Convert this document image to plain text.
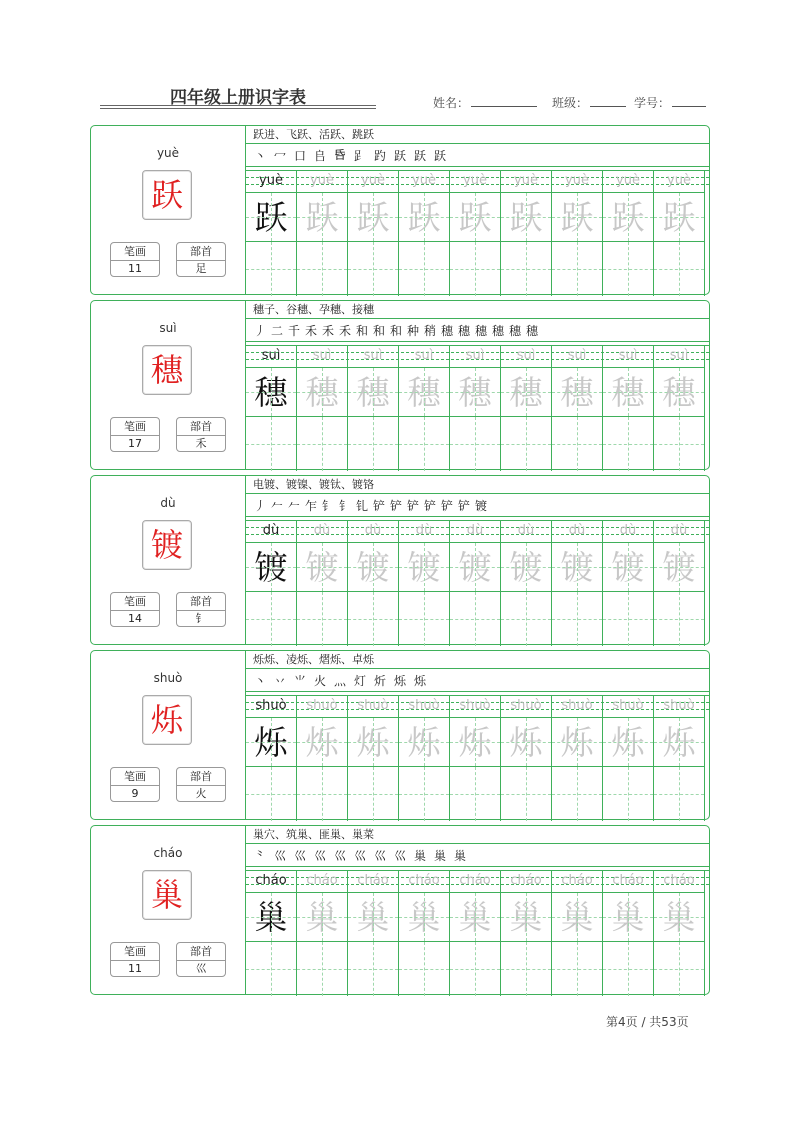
四年级上册识字表	姓名：	班级：	学号：
yuè
跃
笔画
11
部首
足
跃进、飞跃、活跃、跳跃
丶 冖 口 𠂤 𠯑 𧾷 趵 跃 跃 跃
yuè	yuè	yuè	yuè	yuè	yuè	yuè	yuè	yuè
跃 跃 跃 跃 跃 跃 跃 跃 跃
suì
穗
笔画
17
部首
禾
穗子、谷穗、孕穗、接穗
丿 二 千 禾 禾 禾 和 和 和 种 稍 穗 穗 穗 穗 穗 穗
suì	suì	suì	suì	suì	suì	suì	suì	suì
穗 穗 穗 穗 穗 穗 穗 穗 穗
dù
镀
笔画
14
部首
钅
电镀、镀镍、镀钛、镀铬
丿 𠂉 𠂉 乍 钅 钅 钆 铲 铲 铲 铲 铲 铲 镀
dù	dù	dù	dù	dù	dù	dù	dù	dù
镀 镀 镀 镀 镀 镀 镀 镀 镀
shuò
烁
笔画
9
部首
火
烁烁、凌烁、熠烁、卓烁
丶 丷 ⺌ 火 灬 灯 炘 烁 烁
shuò	shuò	shuò	shuò	shuò	shuò	shuò	shuò	shuò
烁 烁 烁 烁 烁 烁 烁 烁 烁
cháo
巢
笔画
11
部首
巛
巢穴、筑巢、匪巢、巢菜
⺀ 巛 巛 巛 巛 巛 巛 巛 巢 巢 巢
cháo	cháo	cháo	cháo	cháo	cháo	cháo	cháo	cháo
巢 巢 巢 巢 巢 巢 巢 巢 巢
第4页 / 共53页
